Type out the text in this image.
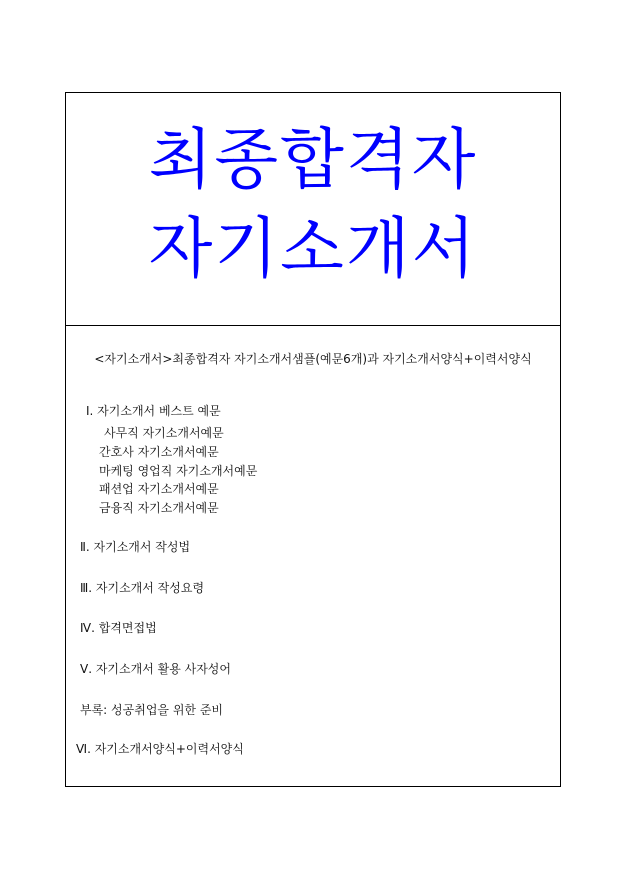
최종합격자
자기소개서
<자기소개서>최종합격자 자기소개서샘플(예문6개)과 자기소개서양식+이력서양식
Ⅰ. 자기소개서 베스트 예문
사무직 자기소개서예문
간호사 자기소개서예문
마케팅 영업직 자기소개서예문
패션업 자기소개서예문
금융직 자기소개서예문
Ⅱ. 자기소개서 작성법
Ⅲ. 자기소개서 작성요령
Ⅳ. 합격면접법
Ⅴ. 자기소개서 활용 사자성어
부록: 성공취업을 위한 준비
Ⅵ. 자기소개서양식+이력서양식
